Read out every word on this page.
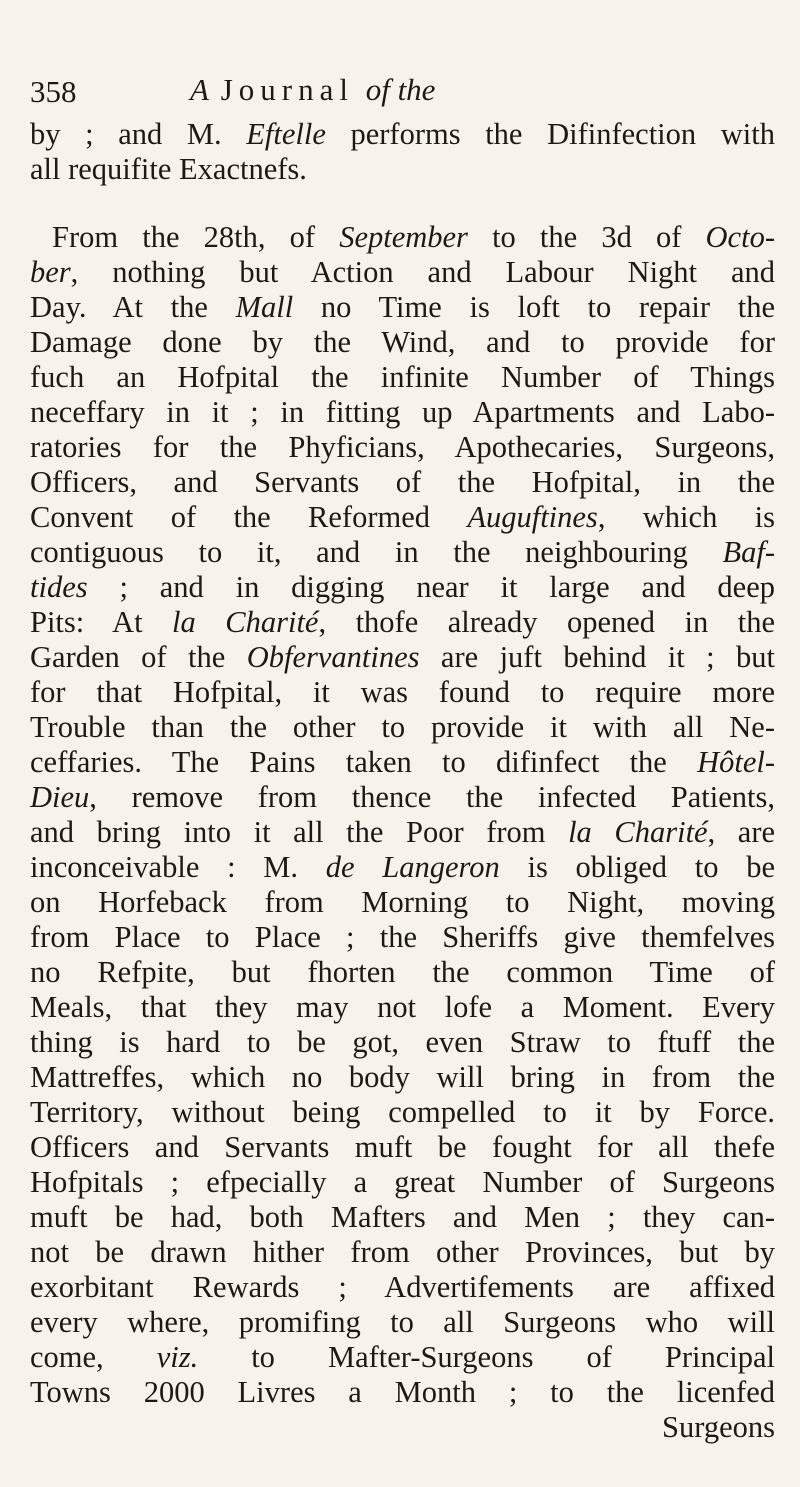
358	A Journal of the
by ; and M. Eftelle performs the Difinfection with
all requifite Exactnefs.
From the 28th, of September to the 3d of Octo-
ber, nothing but Action and Labour Night and
Day. At the Mall no Time is loft to repair the
Damage done by the Wind, and to provide for
fuch an Hofpital the infinite Number of Things
neceffary in it ; in fitting up Apartments and Labo-
ratories for the Phyficians, Apothecaries, Surgeons,
Officers, and Servants of the Hofpital, in the
Convent of the Reformed Auguftines, which is
contiguous to it, and in the neighbouring Baf-
tides ; and in digging near it large and deep
Pits: At la Charité, thofe already opened in the
Garden of the Obfervantines are juft behind it ; but
for that Hofpital, it was found to require more
Trouble than the other to provide it with all Ne-
ceffaries. The Pains taken to difinfect the Hôtel-
Dieu, remove from thence the infected Patients,
and bring into it all the Poor from la Charité, are
inconceivable : M. de Langeron is obliged to be
on Horfeback from Morning to Night, moving
from Place to Place ; the Sheriffs give themfelves
no Refpite, but fhorten the common Time of
Meals, that they may not lofe a Moment. Every
thing is hard to be got, even Straw to ftuff the
Mattreffes, which no body will bring in from the
Territory, without being compelled to it by Force.
Officers and Servants muft be fought for all thefe
Hofpitals ; efpecially a great Number of Surgeons
muft be had, both Mafters and Men ; they can-
not be drawn hither from other Provinces, but by
exorbitant Rewards ; Advertifements are affixed
every where, promifing to all Surgeons who will
come, viz. to Mafter-Surgeons of Principal
Towns 2000 Livres a Month ; to the licenfed
Surgeons
